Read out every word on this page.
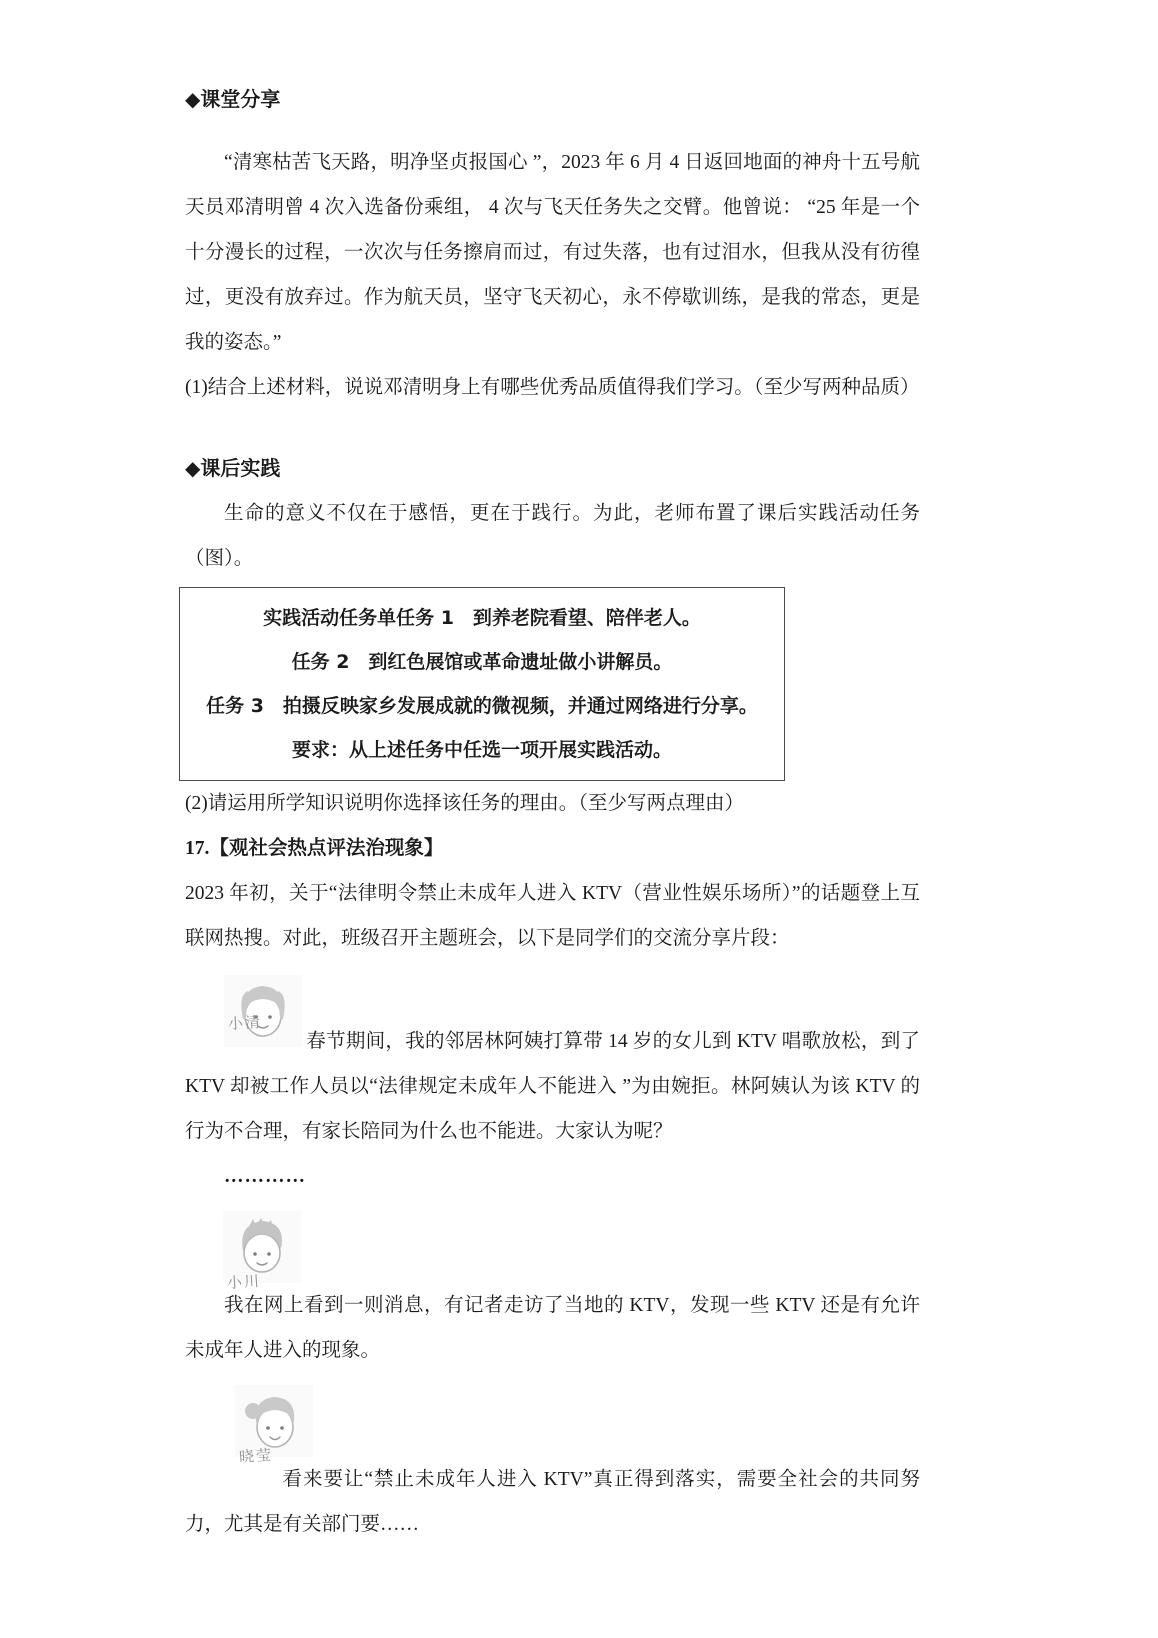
◆课堂分享

“清寒枯苦飞天路，明净坚贞报国心 ”，2023 年 6 月 4 日返回地面的神舟十五号航天员邓清明曾 4 次入选备份乘组， 4 次与飞天任务失之交臂。他曾说： “25 年是一个十分漫长的过程，一次次与任务擦肩而过，有过失落，也有过泪水，但我从没有彷徨过，更没有放弃过。作为航天员，坚守飞天初心，永不停歇训练，是我的常态，更是我的姿态。”

(1)结合上述材料，说说邓清明身上有哪些优秀品质值得我们学习。（至少写两种品质）

◆课后实践

生命的意义不仅在于感悟，更在于践行。为此，老师布置了课后实践活动任务（图）。

实践活动任务单任务 1　到养老院看望、陪伴老人。
任务 2　到红色展馆或革命遗址做小讲解员。
任务 3　拍摄反映家乡发展成就的微视频，并通过网络进行分享。
要求：从上述任务中任选一项开展实践活动。

(2)请运用所学知识说明你选择该任务的理由。（至少写两点理由）

17.【观社会热点评法治现象】

2023 年初，关于“法律明令禁止未成年人进入 KTV（营业性娱乐场所）”的话题登上互联网热搜。对此，班级召开主题班会，以下是同学们的交流分享片段：

小清
春节期间，我的邻居林阿姨打算带 14 岁的女儿到 KTV 唱歌放松，到了 KTV 却被工作人员以“法律规定未成年人不能进入 ”为由婉拒。林阿姨认为该 KTV 的行为不合理，有家长陪同为什么也不能进。大家认为呢？

…………

小川

我在网上看到一则消息，有记者走访了当地的 KTV，发现一些 KTV 还是有允许未成年人进入的现象。

晓莹

看来要让“禁止未成年人进入 KTV”真正得到落实，需要全社会的共同努力，尤其是有关部门要……
